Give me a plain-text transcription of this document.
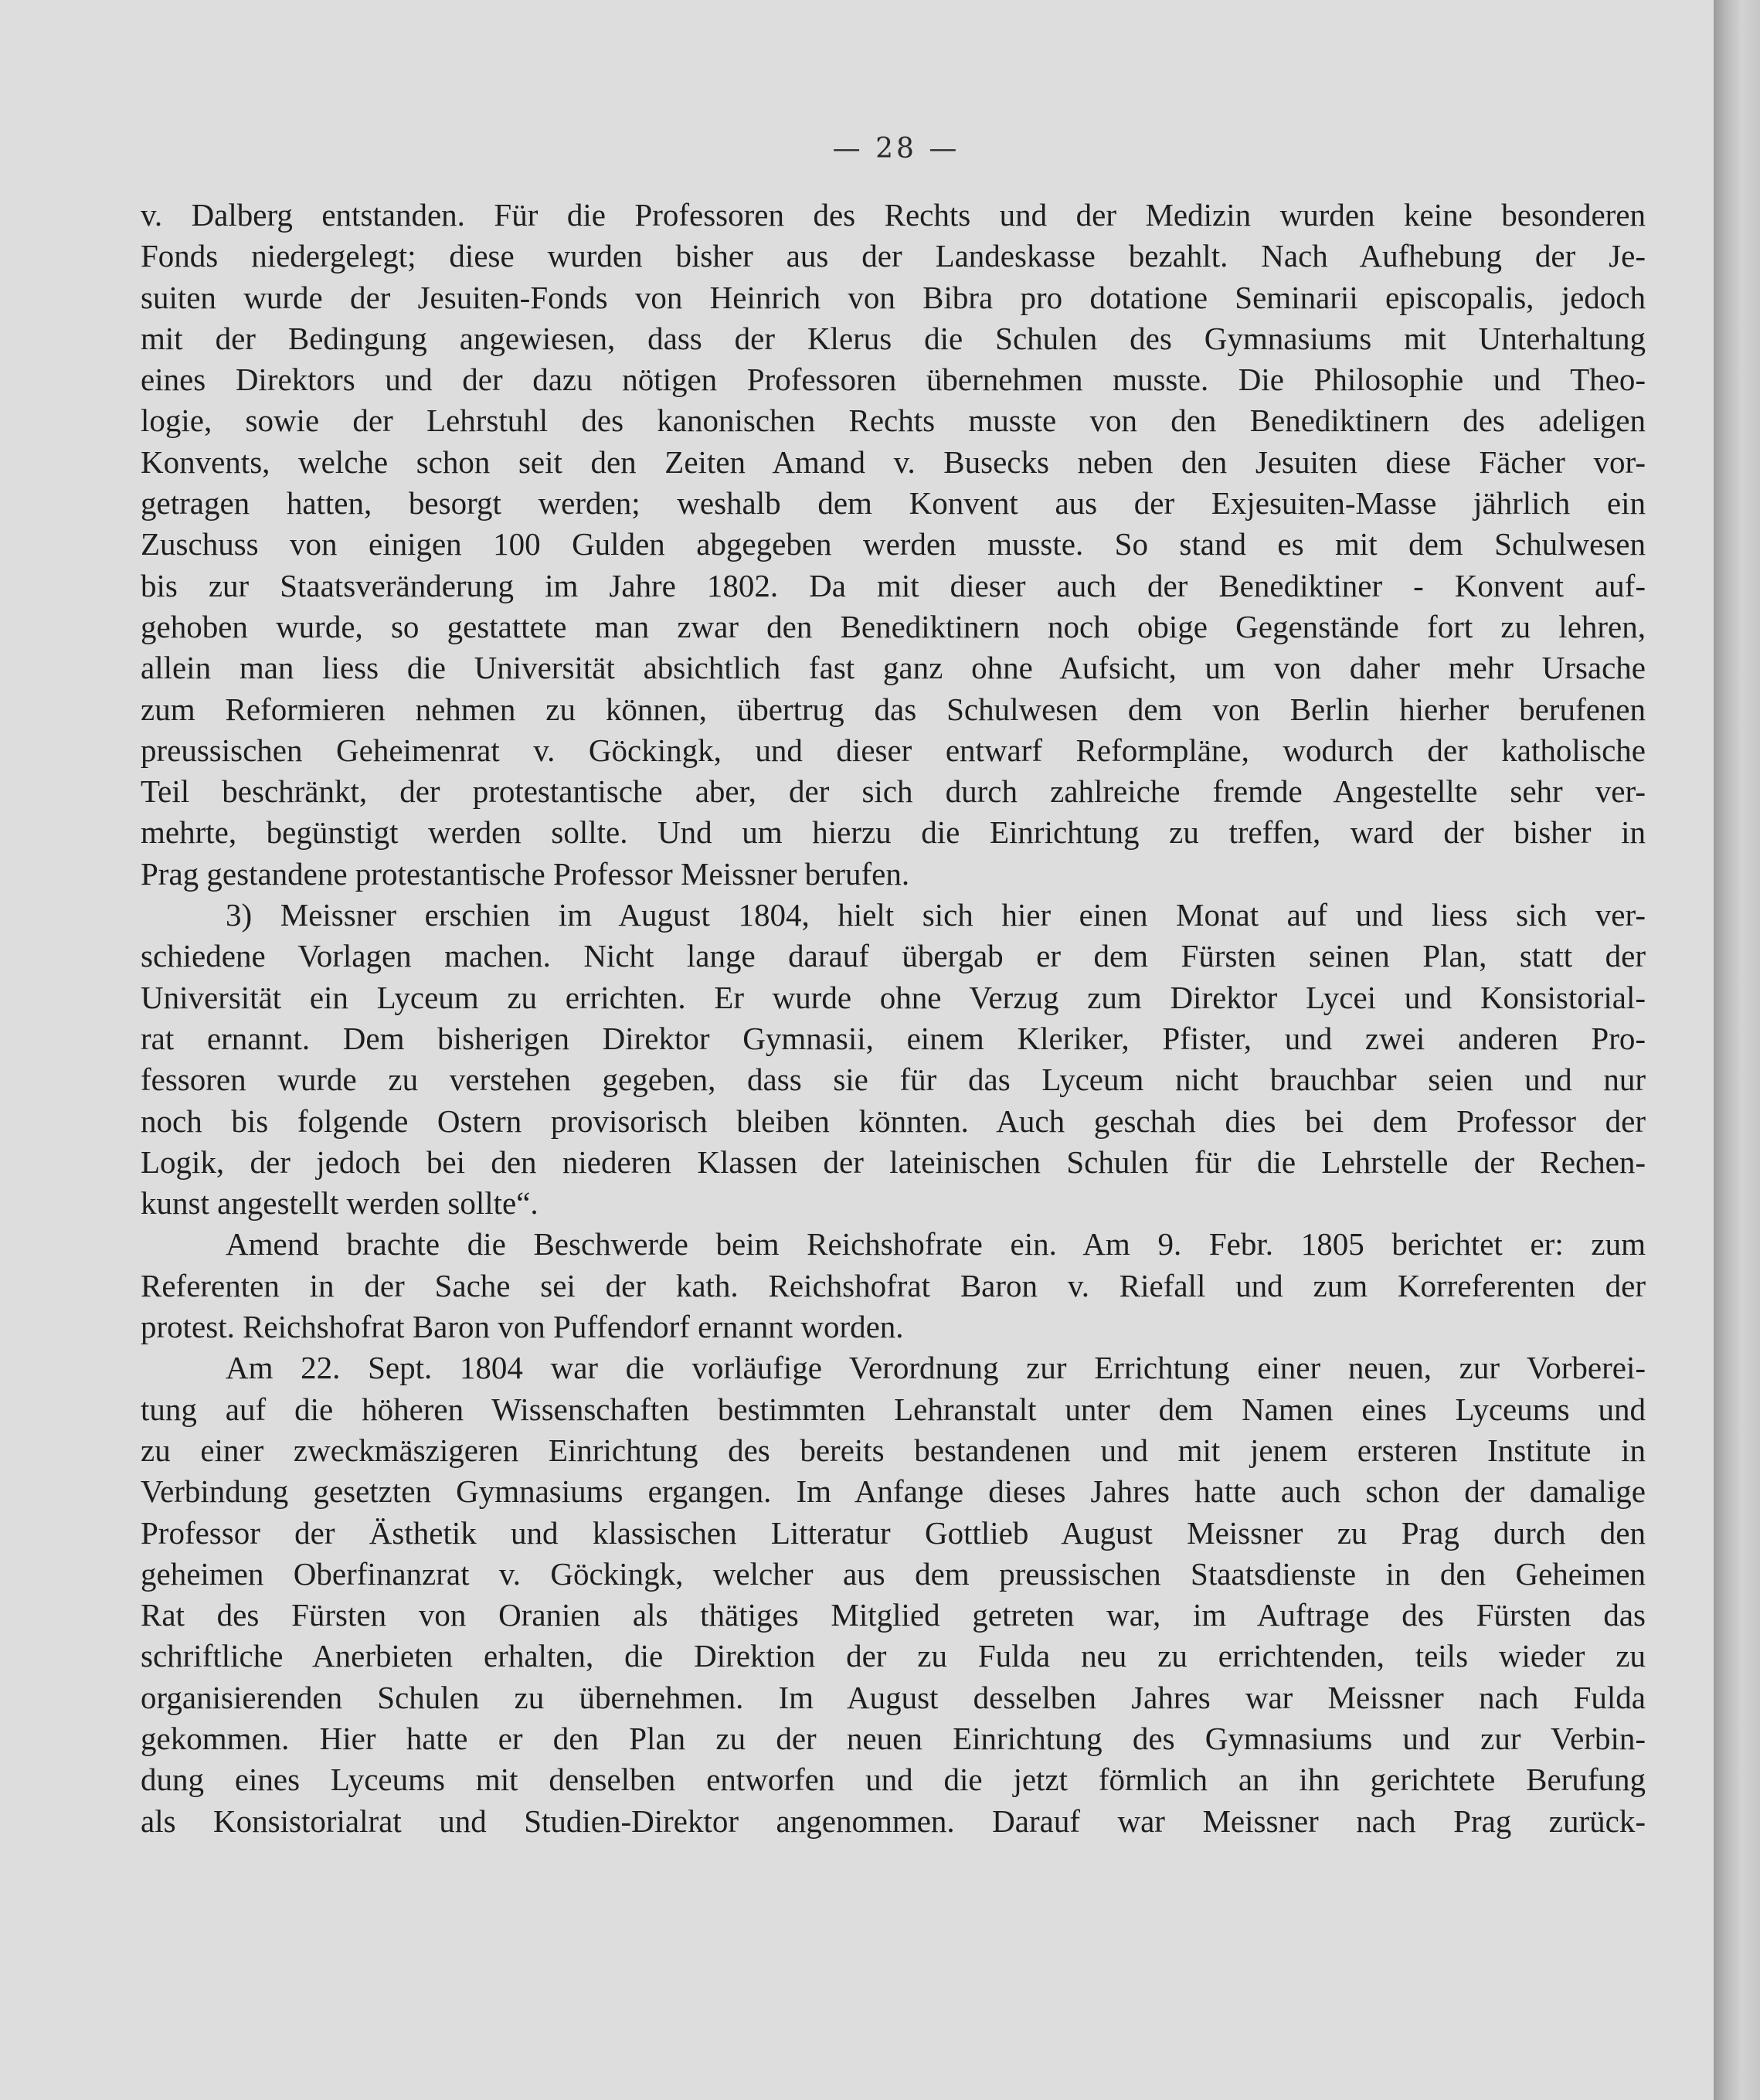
— 28 —
v. Dalberg entstanden. Für die Professoren des Rechts und der Medizin wurden keine besonderen
Fonds niedergelegt; diese wurden bisher aus der Landeskasse bezahlt. Nach Aufhebung der Je-
suiten wurde der Jesuiten-Fonds von Heinrich von Bibra pro dotatione Seminarii episcopalis, jedoch
mit der Bedingung angewiesen, dass der Klerus die Schulen des Gymnasiums mit Unterhaltung
eines Direktors und der dazu nötigen Professoren übernehmen musste. Die Philosophie und Theo-
logie, sowie der Lehrstuhl des kanonischen Rechts musste von den Benediktinern des adeligen
Konvents, welche schon seit den Zeiten Amand v. Busecks neben den Jesuiten diese Fächer vor-
getragen hatten, besorgt werden; weshalb dem Konvent aus der Exjesuiten-Masse jährlich ein
Zuschuss von einigen 100 Gulden abgegeben werden musste. So stand es mit dem Schulwesen
bis zur Staatsveränderung im Jahre 1802. Da mit dieser auch der Benediktiner - Konvent auf-
gehoben wurde, so gestattete man zwar den Benediktinern noch obige Gegenstände fort zu lehren,
allein man liess die Universität absichtlich fast ganz ohne Aufsicht, um von daher mehr Ursache
zum Reformieren nehmen zu können, übertrug das Schulwesen dem von Berlin hierher berufenen
preussischen Geheimenrat v. Göckingk, und dieser entwarf Reformpläne, wodurch der katholische
Teil beschränkt, der protestantische aber, der sich durch zahlreiche fremde Angestellte sehr ver-
mehrte, begünstigt werden sollte. Und um hierzu die Einrichtung zu treffen, ward der bisher in
Prag gestandene protestantische Professor Meissner berufen.
3) Meissner erschien im August 1804, hielt sich hier einen Monat auf und liess sich ver-
schiedene Vorlagen machen. Nicht lange darauf übergab er dem Fürsten seinen Plan, statt der
Universität ein Lyceum zu errichten. Er wurde ohne Verzug zum Direktor Lycei und Konsistorial-
rat ernannt. Dem bisherigen Direktor Gymnasii, einem Kleriker, Pfister, und zwei anderen Pro-
fessoren wurde zu verstehen gegeben, dass sie für das Lyceum nicht brauchbar seien und nur
noch bis folgende Ostern provisorisch bleiben könnten. Auch geschah dies bei dem Professor der
Logik, der jedoch bei den niederen Klassen der lateinischen Schulen für die Lehrstelle der Rechen-
kunst angestellt werden sollte“.
Amend brachte die Beschwerde beim Reichshofrate ein. Am 9. Febr. 1805 berichtet er: zum
Referenten in der Sache sei der kath. Reichshofrat Baron v. Riefall und zum Korreferenten der
protest. Reichshofrat Baron von Puffendorf ernannt worden.
Am 22. Sept. 1804 war die vorläufige Verordnung zur Errichtung einer neuen, zur Vorberei-
tung auf die höheren Wissenschaften bestimmten Lehranstalt unter dem Namen eines Lyceums und
zu einer zweckmäszigeren Einrichtung des bereits bestandenen und mit jenem ersteren Institute in
Verbindung gesetzten Gymnasiums ergangen. Im Anfange dieses Jahres hatte auch schon der damalige
Professor der Ästhetik und klassischen Litteratur Gottlieb August Meissner zu Prag durch den
geheimen Oberfinanzrat v. Göckingk, welcher aus dem preussischen Staatsdienste in den Geheimen
Rat des Fürsten von Oranien als thätiges Mitglied getreten war, im Auftrage des Fürsten das
schriftliche Anerbieten erhalten, die Direktion der zu Fulda neu zu errichtenden, teils wieder zu
organisierenden Schulen zu übernehmen. Im August desselben Jahres war Meissner nach Fulda
gekommen. Hier hatte er den Plan zu der neuen Einrichtung des Gymnasiums und zur Verbin-
dung eines Lyceums mit denselben entworfen und die jetzt förmlich an ihn gerichtete Berufung
als Konsistorialrat und Studien-Direktor angenommen. Darauf war Meissner nach Prag zurück-
